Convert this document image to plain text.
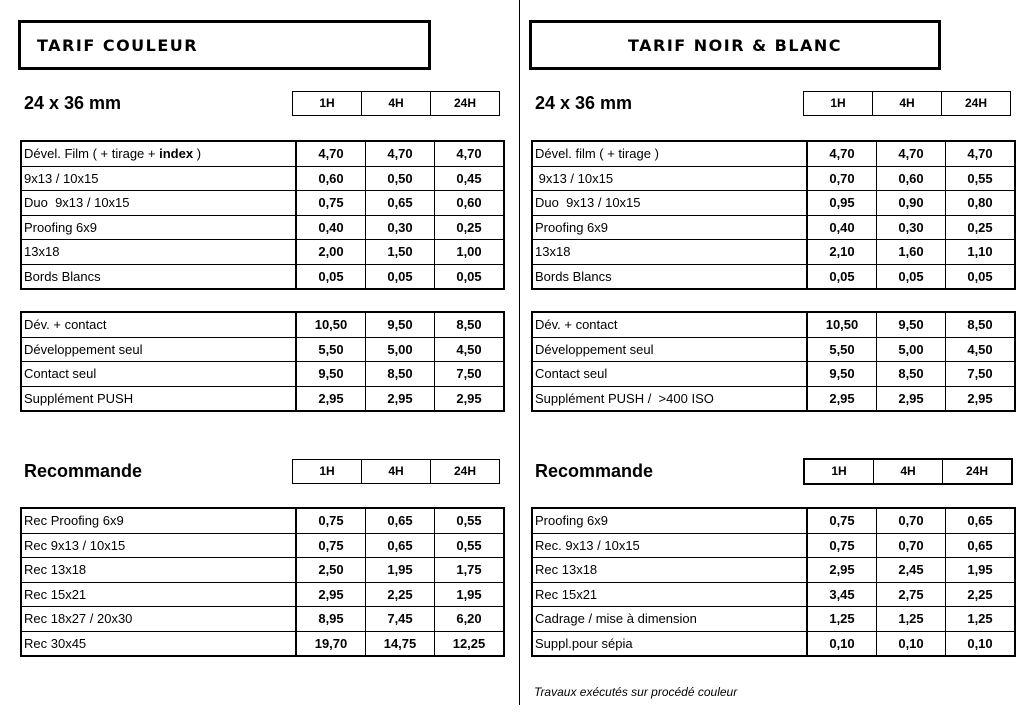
TARIF COULEUR
24 x 36 mm	1H	4H	24H
Dével. Film ( + tirage + index )	4,70	4,70	4,70
9x13 / 10x15	0,60	0,50	0,45
Duo  9x13 / 10x15	0,75	0,65	0,60
Proofing 6x9	0,40	0,30	0,25
13x18	2,00	1,50	1,00
Bords Blancs	0,05	0,05	0,05
Dév. + contact	10,50	9,50	8,50
Développement seul	5,50	5,00	4,50
Contact seul	9,50	8,50	7,50
Supplément PUSH	2,95	2,95	2,95
Recommande	1H	4H	24H
Rec Proofing 6x9	0,75	0,65	0,55
Rec 9x13 / 10x15	0,75	0,65	0,55
Rec 13x18	2,50	1,95	1,75
Rec 15x21	2,95	2,25	1,95
Rec 18x27 / 20x30	8,95	7,45	6,20
Rec 30x45	19,70	14,75	12,25
TARIF NOIR & BLANC
24 x 36 mm	1H	4H	24H
Dével. film ( + tirage )	4,70	4,70	4,70
9x13 / 10x15	0,70	0,60	0,55
Duo  9x13 / 10x15	0,95	0,90	0,80
Proofing 6x9	0,40	0,30	0,25
13x18	2,10	1,60	1,10
Bords Blancs	0,05	0,05	0,05
Dév. + contact	10,50	9,50	8,50
Développement seul	5,50	5,00	4,50
Contact seul	9,50	8,50	7,50
Supplément PUSH /  >400 ISO	2,95	2,95	2,95
Recommande	1H	4H	24H
Proofing 6x9	0,75	0,70	0,65
Rec. 9x13 / 10x15	0,75	0,70	0,65
Rec 13x18	2,95	2,45	1,95
Rec 15x21	3,45	2,75	2,25
Cadrage / mise à dimension	1,25	1,25	1,25
Suppl.pour sépia	0,10	0,10	0,10
Travaux exécutés sur procédé couleur
